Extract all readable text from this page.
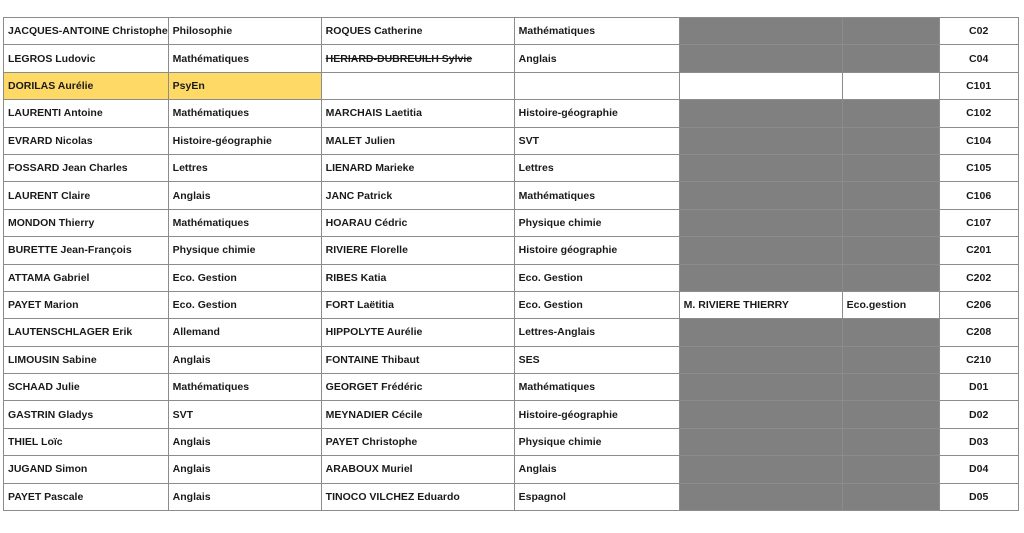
JACQUES-ANTOINE Christophe	Philosophie	ROQUES Catherine	Mathématiques			C02
LEGROS Ludovic	Mathématiques	HERIARD-DUBREUILH Sylvie	Anglais			C04
DORILAS Aurélie	PsyEn					C101
LAURENTI Antoine	Mathématiques	MARCHAIS Laetitia	Histoire-géographie			C102
EVRARD Nicolas	Histoire-géographie	MALET Julien	SVT			C104
FOSSARD Jean Charles	Lettres	LIENARD Marieke	Lettres			C105
LAURENT Claire	Anglais	JANC Patrick	Mathématiques			C106
MONDON Thierry	Mathématiques	HOARAU Cédric	Physique chimie			C107
BURETTE Jean-François	Physique chimie	RIVIERE Florelle	Histoire géographie			C201
ATTAMA Gabriel	Eco. Gestion	RIBES Katia	Eco. Gestion			C202
PAYET Marion	Eco. Gestion	FORT Laëtitia	Eco. Gestion	M. RIVIERE THIERRY	Eco.gestion	C206
LAUTENSCHLAGER Erik	Allemand	HIPPOLYTE Aurélie	Lettres-Anglais			C208
LIMOUSIN Sabine	Anglais	FONTAINE Thibaut	SES			C210
SCHAAD Julie	Mathématiques	GEORGET Frédéric	Mathématiques			D01
GASTRIN Gladys	SVT	MEYNADIER Cécile	Histoire-géographie			D02
THIEL Loïc	Anglais	PAYET Christophe	Physique chimie			D03
JUGAND Simon	Anglais	ARABOUX Muriel	Anglais			D04
PAYET Pascale	Anglais	TINOCO VILCHEZ Eduardo	Espagnol			D05
